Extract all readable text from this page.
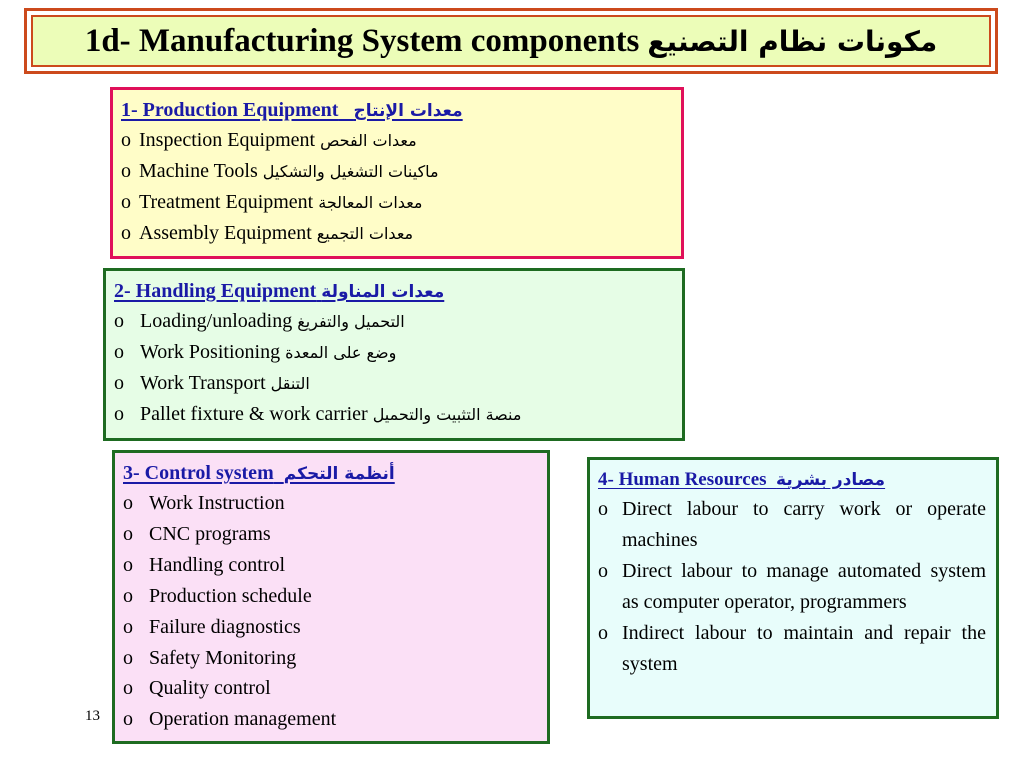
1d- Manufacturing System components مكونات نظام التصنيع
1- Production Equipment معدات الإنتاج
o Inspection Equipment معدات الفحص
o Machine Tools ماكينات التشغيل والتشكيل
o Treatment Equipment معدات المعالجة
o Assembly Equipment معدات التجميع
2- Handling Equipment معدات المناولة
o Loading/unloading التحميل والتفريغ
o Work Positioning وضع على المعدة
o Work Transport التنقل
o Pallet fixture & work carrier منصة التثبيت والتحميل
3- Control system أنظمة التحكم
o Work Instruction
o CNC programs
o Handling control
o Production schedule
o Failure diagnostics
o Safety Monitoring
o Quality control
o Operation management
4- Human Resources مصادر بشرية
o Direct labour to carry work or operate machines
o Direct labour to manage automated system as computer operator, programmers
o Indirect labour to maintain and repair the system
13
